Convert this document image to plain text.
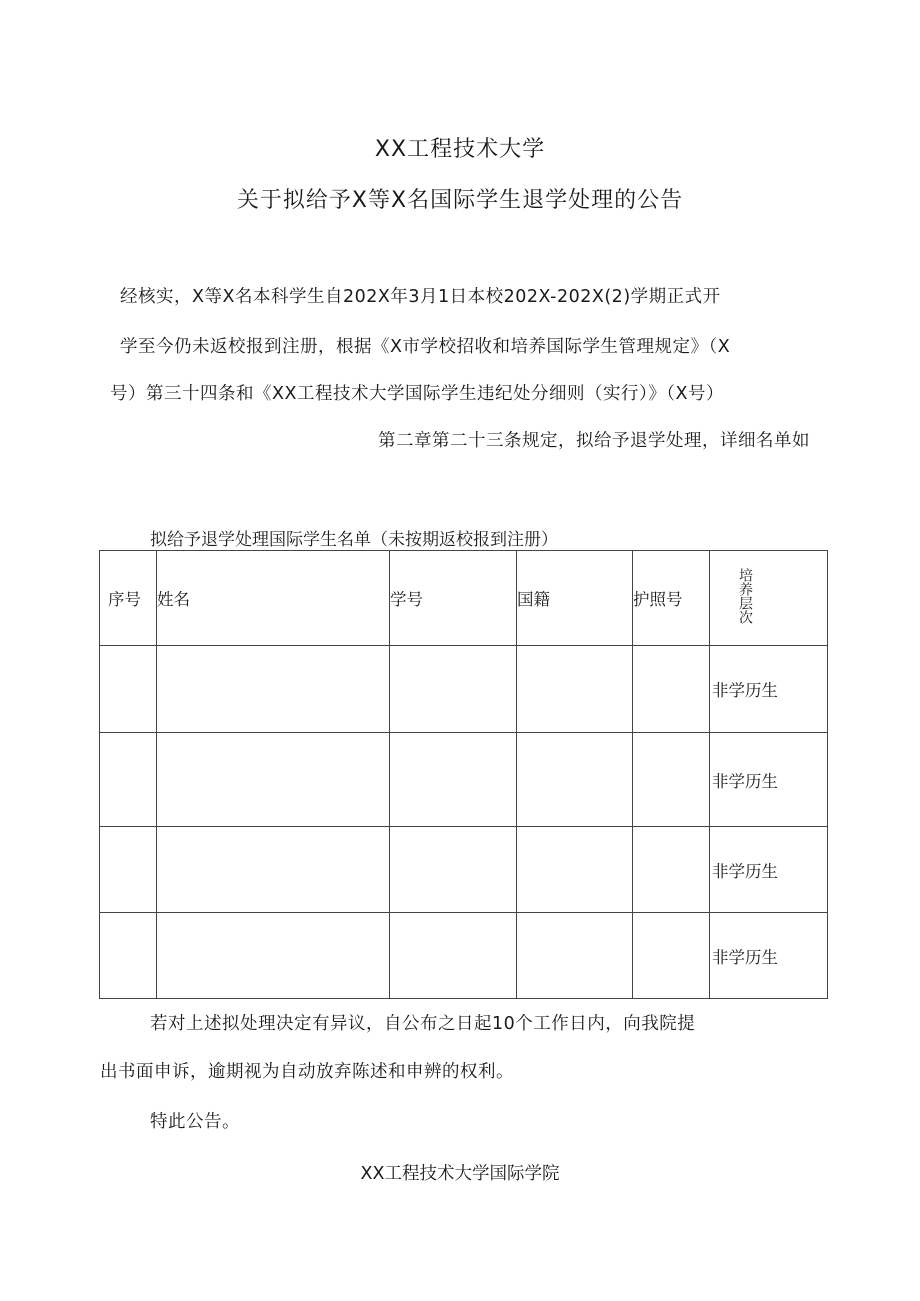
XX工程技术大学
关于拟给予X等X名国际学生退学处理的公告
经核实，X等X名本科学生自202X年3月1日本校202X-202X(2)学期正式开
学至今仍未返校报到注册，根据《X市学校招收和培养国际学生管理规定》（X
号）第三十四条和《XX工程技术大学国际学生违纪处分细则（实行）》（X号）
第二章第二十三条规定，拟给予退学处理，详细名单如
拟给予退学处理国际学生名单（未按期返校报到注册）
序号	姓名	学号	国籍	护照号	培养层次
					非学历生
					非学历生
					非学历生
					非学历生
若对上述拟处理决定有异议，自公布之日起10个工作日内，向我院提
出书面申诉，逾期视为自动放弃陈述和申辨的权利。
特此公告。
XX工程技术大学国际学院
